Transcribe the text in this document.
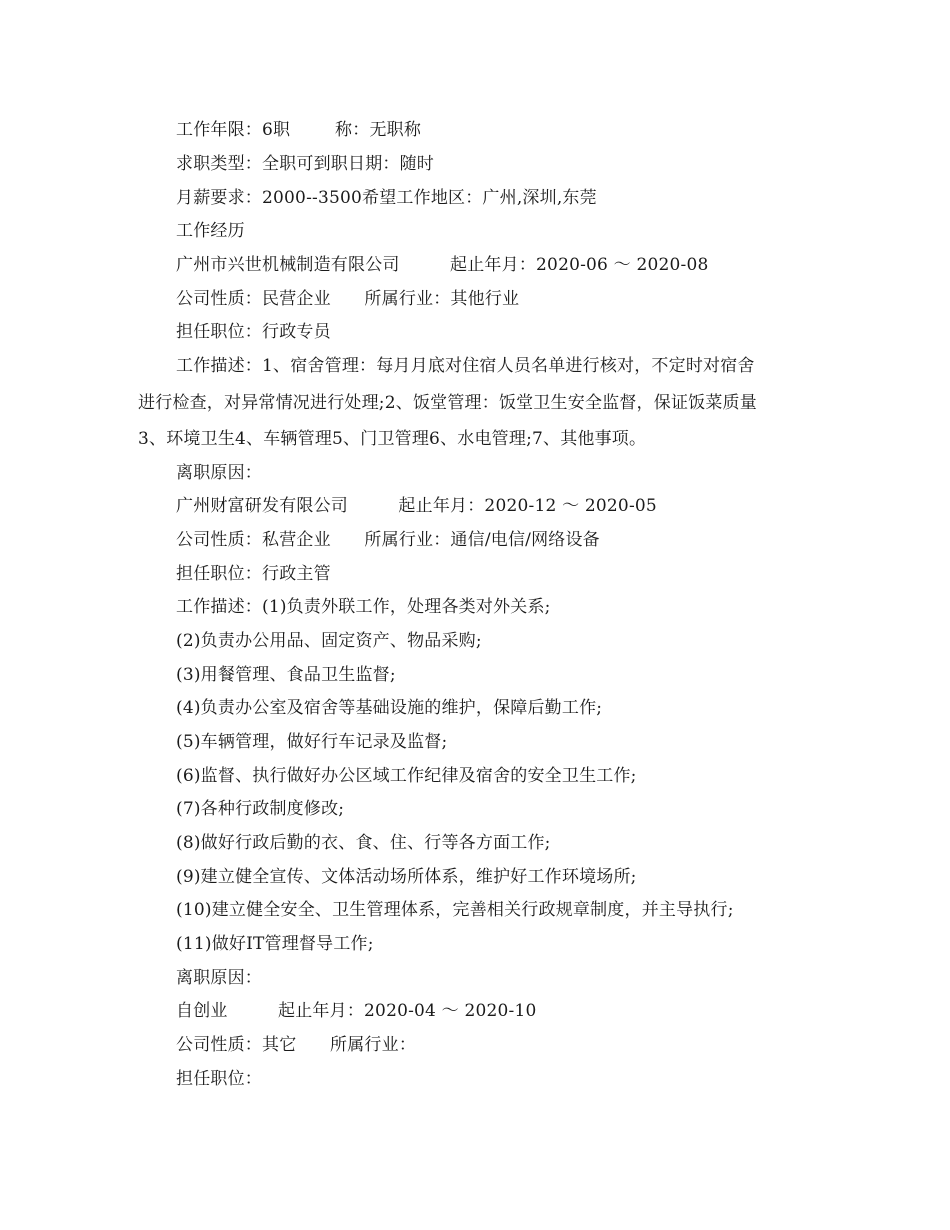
工作年限：6职        称：无职称
求职类型：全职可到职日期：随时
月薪要求：2000--3500希望工作地区：广州,深圳,东莞
工作经历
广州市兴世机械制造有限公司         起止年月：2020-06 ～ 2020-08
公司性质：民营企业      所属行业：其他行业
担任职位：行政专员
工作描述：1、宿舍管理：每月月底对住宿人员名单进行核对，不定时对宿舍
进行检查，对异常情况进行处理;2、饭堂管理：饭堂卫生安全监督，保证饭菜质量
3、环境卫生4、车辆管理5、门卫管理6、水电管理;7、其他事项。
离职原因：
广州财富研发有限公司         起止年月：2020-12 ～ 2020-05
公司性质：私营企业      所属行业：通信/电信/网络设备
担任职位：行政主管
工作描述：(1)负责外联工作，处理各类对外关系;
(2)负责办公用品、固定资产、物品采购;
(3)用餐管理、食品卫生监督;
(4)负责办公室及宿舍等基础设施的维护，保障后勤工作;
(5)车辆管理，做好行车记录及监督;
(6)监督、执行做好办公区域工作纪律及宿舍的安全卫生工作;
(7)各种行政制度修改;
(8)做好行政后勤的衣、食、住、行等各方面工作;
(9)建立健全宣传、文体活动场所体系，维护好工作环境场所;
(10)建立健全安全、卫生管理体系，完善相关行政规章制度，并主导执行;
(11)做好IT管理督导工作;
离职原因：
自创业         起止年月：2020-04 ～ 2020-10
公司性质：其它      所属行业：
担任职位：
